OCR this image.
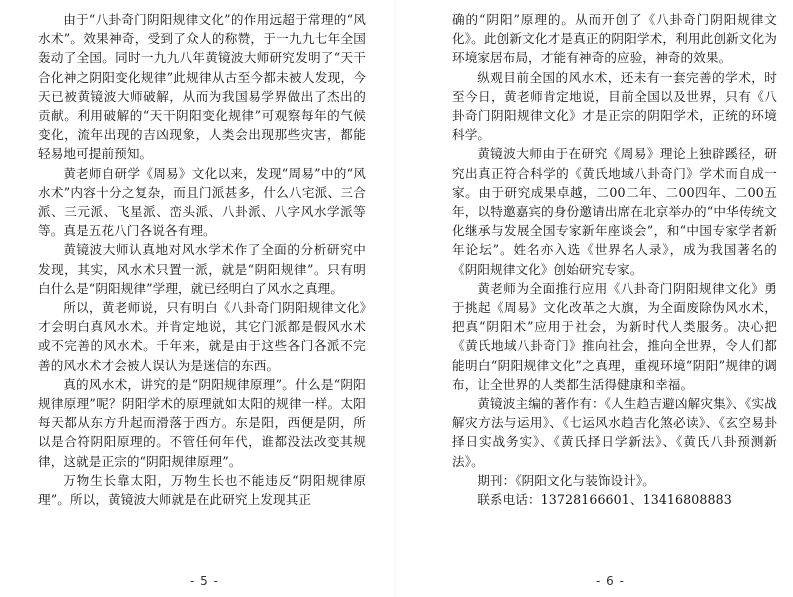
由于“八卦奇门阴阳规律文化”的作用远超于常理的“风水术”。效果神奇，受到了众人的称赞，于一九九七年全国轰动了全国。同时一九九八年黄镜波大师研究发明了“天干合化神之阴阳变化规律”此规律从古至今都未被人发现，今天已被黄镜波大师破解，从而为我国易学界做出了杰出的贡献。利用破解的“天干阴阳变化规律”可观察每年的气候变化，流年出现的吉凶现象，人类会出现那些灾害，都能轻易地可提前预知。

黄老师自研学《周易》文化以来，发现“周易”中的“风水术”内容十分之复杂，而且门派甚多，什么八宅派、三合派、三元派、飞星派、峦头派、八卦派、八字风水学派等等。真是五花八门各说各有理。

黄镜波大师认真地对风水学术作了全面的分析研究中发现，其实，风水术只置一派，就是“阴阳规律”。只有明白什么是“阴阳规律”学理，就已经明白了风水之真理。

所以，黄老师说，只有明白《八卦奇门阴阳规律文化》才会明白真风水术。并肯定地说，其它门派都是假风水术或不完善的风水术。千年来，就是由于这些各门各派不完善的风水术才会被人误认为是迷信的东西。

真的风水术，讲究的是“阴阳规律原理”。什么是“阴阳规律原理”呢？阴阳学术的原理就如太阳的规律一样。太阳每天都从东方升起而滑落于西方。东是阳，西便是阴，所以是合符阴阳原理的。不管任何年代，谁都没法改变其规律，这就是正宗的“阴阳规律原理”。

万物生长靠太阳，万物生长也不能违反“阴阳规律原理”。所以，黄镜波大师就是在此研究上发现其正

确的“阴阳”原理的。从而开创了《八卦奇门阴阳规律文化》。此创新文化才是真正的阴阳学术，利用此创新文化为环境家居布局，才能有神奇的应验，神奇的效果。

纵观目前全国的风水术，还未有一套完善的学术，时至今日，黄老师肯定地说，目前全国以及世界，只有《八卦奇门阴阳规律文化》才是正宗的阴阳学术，正统的环境科学。

黄镜波大师由于在研究《周易》理论上独辟蹊径，研究出真正符合科学的《黄氏地域八卦奇门》学术而自成一家。由于研究成果卓越，二00二年、二00四年、二00五年，以特邀嘉宾的身份邀请出席在北京举办的“中华传统文化继承与发展全国专家新年座谈会”，和“中国专家学者新年论坛”。姓名亦入选《世界名人录》，成为我国著名的《阴阳规律文化》创始研究专家。

黄老师为全面推行应用《八卦奇门阴阳规律文化》勇于挑起《周易》文化改革之大旗，为全面废除伪风水术，把真“阴阳术”应用于社会，为新时代人类服务。决心把《黄氏地域八卦奇门》推向社会，推向全世界，令人们都能明白“阴阳规律文化”之真理，重视环境“阴阳”规律的调布，让全世界的人类都生活得健康和幸福。

黄镜波主编的著作有：《人生趋吉避凶解灾集》、《实战解灾方法与运用》、《七运风水趋吉化煞必读》、《玄空易卦择日实战务实》、《黄氏择日学新法》、《黄氏八卦预测新法》。

期刊：《阴阳文化与装饰设计》。

联系电话：13728166601、13416808883

- 5 -	- 6 -
